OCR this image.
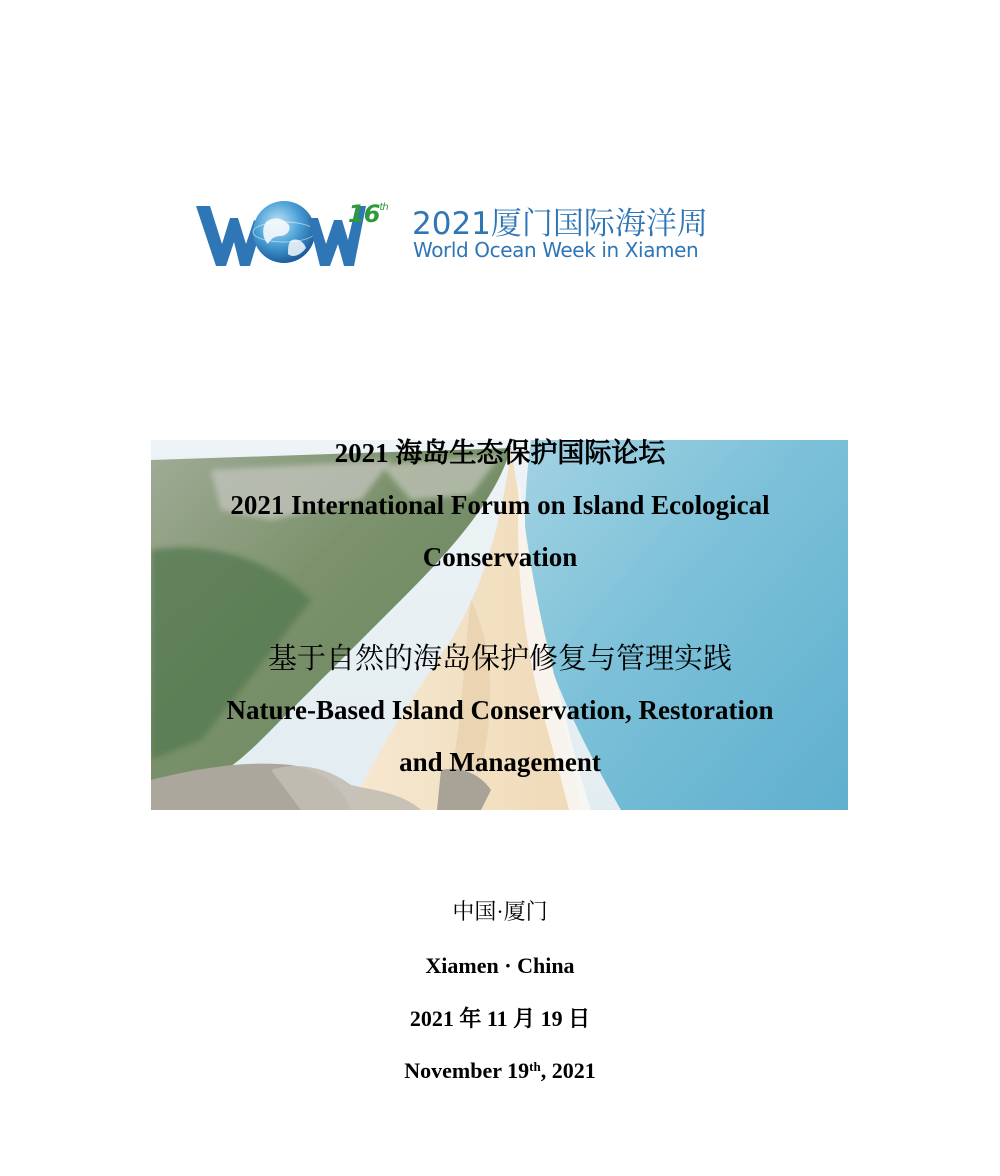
16th 2021厦门国际海洋周
World Ocean Week in Xiamen
2021 海岛生态保护国际论坛
2021 International Forum on Island Ecological
Conservation
基于自然的海岛保护修复与管理实践
Nature-Based Island Conservation, Restoration
and Management
中国·厦门
Xiamen · China
2021 年 11 月 19 日
November 19th, 2021
